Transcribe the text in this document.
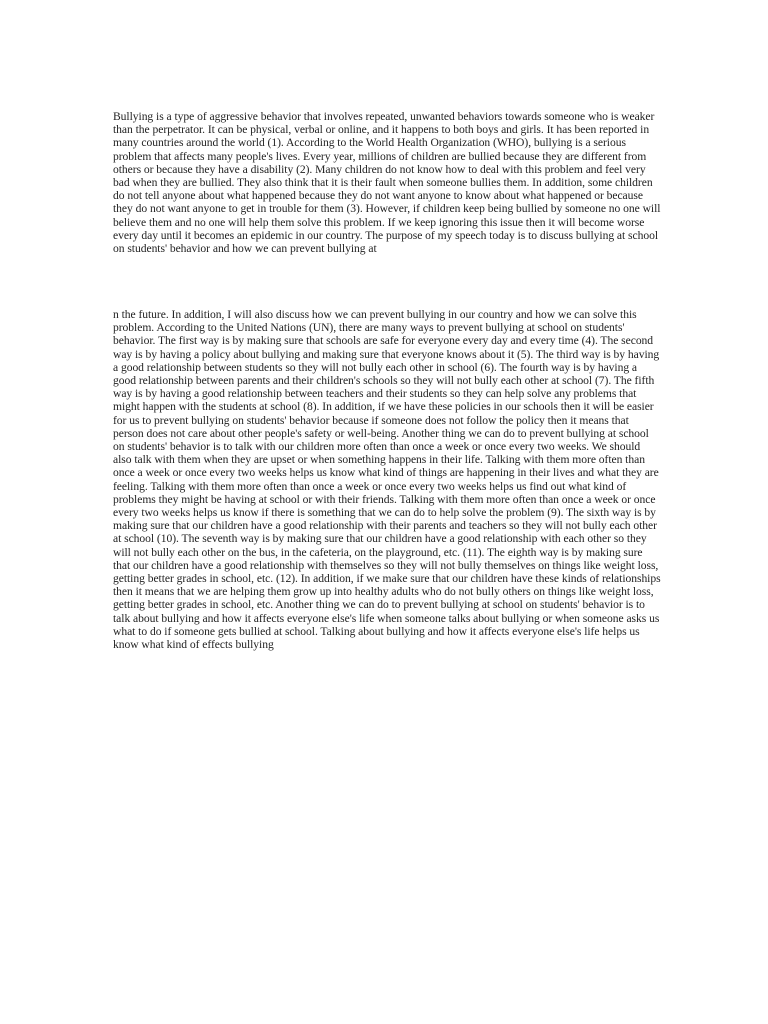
Bullying is a type of aggressive behavior that involves repeated, unwanted behaviors towards someone who is weaker than the perpetrator. It can be physical, verbal or online, and it happens to both boys and girls. It has been reported in many countries around the world (1). According to the World Health Organization (WHO), bullying is a serious problem that affects many people's lives. Every year, millions of children are bullied because they are different from others or because they have a disability (2). Many children do not know how to deal with this problem and feel very bad when they are bullied. They also think that it is their fault when someone bullies them. In addition, some children do not tell anyone about what happened because they do not want anyone to know about what happened or because they do not want anyone to get in trouble for them (3). However, if children keep being bullied by someone no one will believe them and no one will help them solve this problem. If we keep ignoring this issue then it will become worse every day until it becomes an epidemic in our country. The purpose of my speech today is to discuss bullying at school on students' behavior and how we can prevent bullying at

n the future. In addition, I will also discuss how we can prevent bullying in our country and how we can solve this problem. According to the United Nations (UN), there are many ways to prevent bullying at school on students' behavior. The first way is by making sure that schools are safe for everyone every day and every time (4). The second way is by having a policy about bullying and making sure that everyone knows about it (5). The third way is by having a good relationship between students so they will not bully each other in school (6). The fourth way is by having a good relationship between parents and their children's schools so they will not bully each other at school (7). The fifth way is by having a good relationship between teachers and their students so they can help solve any problems that might happen with the students at school (8). In addition, if we have these policies in our schools then it will be easier for us to prevent bullying on students' behavior because if someone does not follow the policy then it means that person does not care about other people's safety or well-being. Another thing we can do to prevent bullying at school on students' behavior is to talk with our children more often than once a week or once every two weeks. We should also talk with them when they are upset or when something happens in their life. Talking with them more often than once a week or once every two weeks helps us know what kind of things are happening in their lives and what they are feeling. Talking with them more often than once a week or once every two weeks helps us find out what kind of problems they might be having at school or with their friends. Talking with them more often than once a week or once every two weeks helps us know if there is something that we can do to help solve the problem (9). The sixth way is by making sure that our children have a good relationship with their parents and teachers so they will not bully each other at school (10). The seventh way is by making sure that our children have a good relationship with each other so they will not bully each other on the bus, in the cafeteria, on the playground, etc. (11). The eighth way is by making sure that our children have a good relationship with themselves so they will not bully themselves on things like weight loss, getting better grades in school, etc. (12). In addition, if we make sure that our children have these kinds of relationships then it means that we are helping them grow up into healthy adults who do not bully others on things like weight loss, getting better grades in school, etc. Another thing we can do to prevent bullying at school on students' behavior is to talk about bullying and how it affects everyone else's life when someone talks about bullying or when someone asks us what to do if someone gets bullied at school. Talking about bullying and how it affects everyone else's life helps us know what kind of effects bullying
